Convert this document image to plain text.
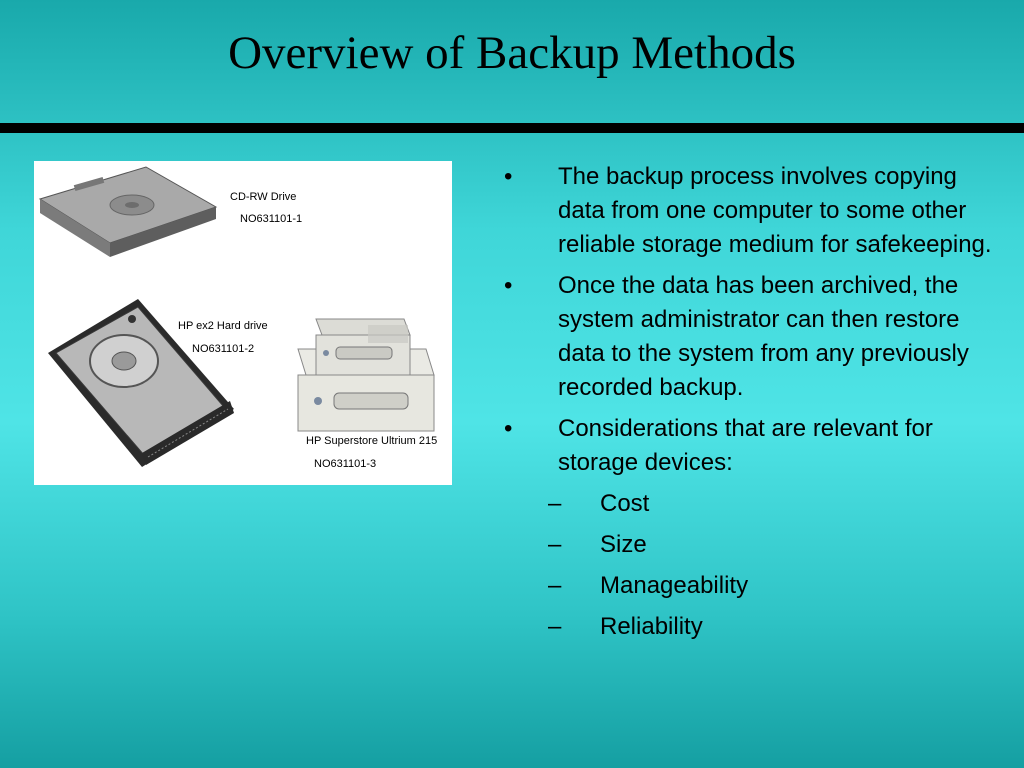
Overview of Backup Methods
CD-RW Drive
NO631101-1
HP ex2 Hard drive
NO631101-2
HP Superstore Ultrium 215
NO631101-3
• The backup process involves copying data from one computer to some other reliable storage medium for safekeeping.
• Once the data has been archived, the system administrator can then restore data to the system from any previously recorded backup.
• Considerations that are relevant for storage devices:
– Cost
– Size
– Manageability
– Reliability
